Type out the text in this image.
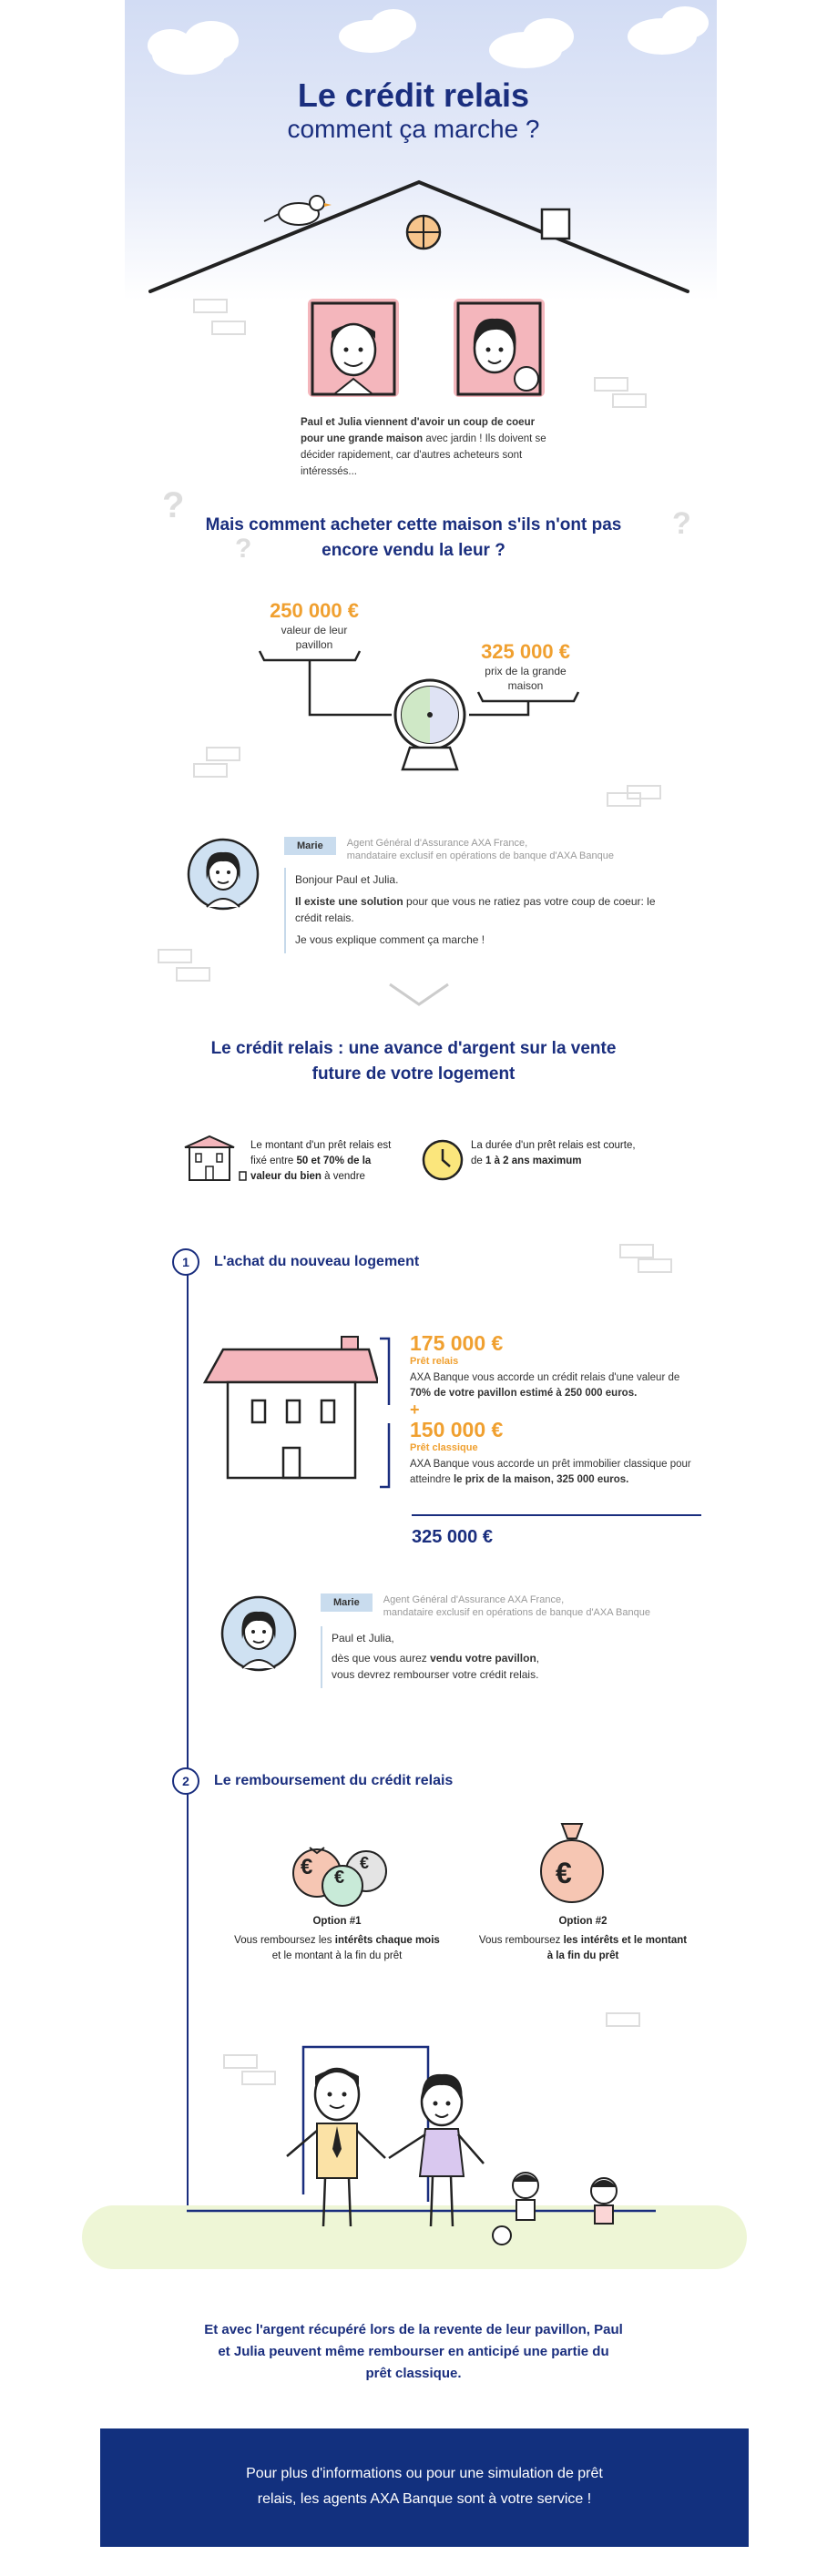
Le crédit relais
comment ça marche ?
Paul et Julia viennent d'avoir un coup de coeur pour une grande maison avec jardin ! Ils doivent se décider rapidement, car d'autres acheteurs sont intéressés...
?
?
?
Mais comment acheter cette maison s'ils n'ont pas
encore vendu la leur ?
250 000 €
valeur de leur
pavillon	325 000 €
prix de la grande
maison
Marie	Agent Général d'Assurance AXA France,
mandataire exclusif en opérations de banque d'AXA Banque
Bonjour Paul et Julia.
Il existe une solution pour que vous ne ratiez pas votre coup de coeur: le crédit relais.
Je vous explique comment ça marche !
Le crédit relais : une avance d'argent sur la vente
future de votre logement
Le montant d'un prêt relais est fixé entre 50 et 70% de la valeur du bien à vendre
La durée d'un prêt relais est courte, de 1 à 2 ans maximum
1	L'achat du nouveau logement
175 000 €
Prêt relais
AXA Banque vous accorde un crédit relais d'une valeur de 70% de votre pavillon estimé à 250 000 euros.
+
150 000 €
Prêt classique
AXA Banque vous accorde un prêt immobilier classique pour atteindre le prix de la maison, 325 000 euros.
325 000 €
Marie	Agent Général d'Assurance AXA France,
mandataire exclusif en opérations de banque d'AXA Banque
Paul et Julia,
dès que vous aurez vendu votre pavillon, vous devrez rembourser votre crédit relais.
2	Le remboursement du crédit relais
€ €
€	€
Option #1
Vous remboursez les intérêts chaque mois et le montant à la fin du prêt
Option #2
Vous remboursez les intérêts et le montant à la fin du prêt
Et avec l'argent récupéré lors de la revente de leur pavillon, Paul
et Julia peuvent même rembourser en anticipé une partie du
prêt classique.
Pour plus d'informations ou pour une simulation de prêt
relais, les agents AXA Banque sont à votre service !
